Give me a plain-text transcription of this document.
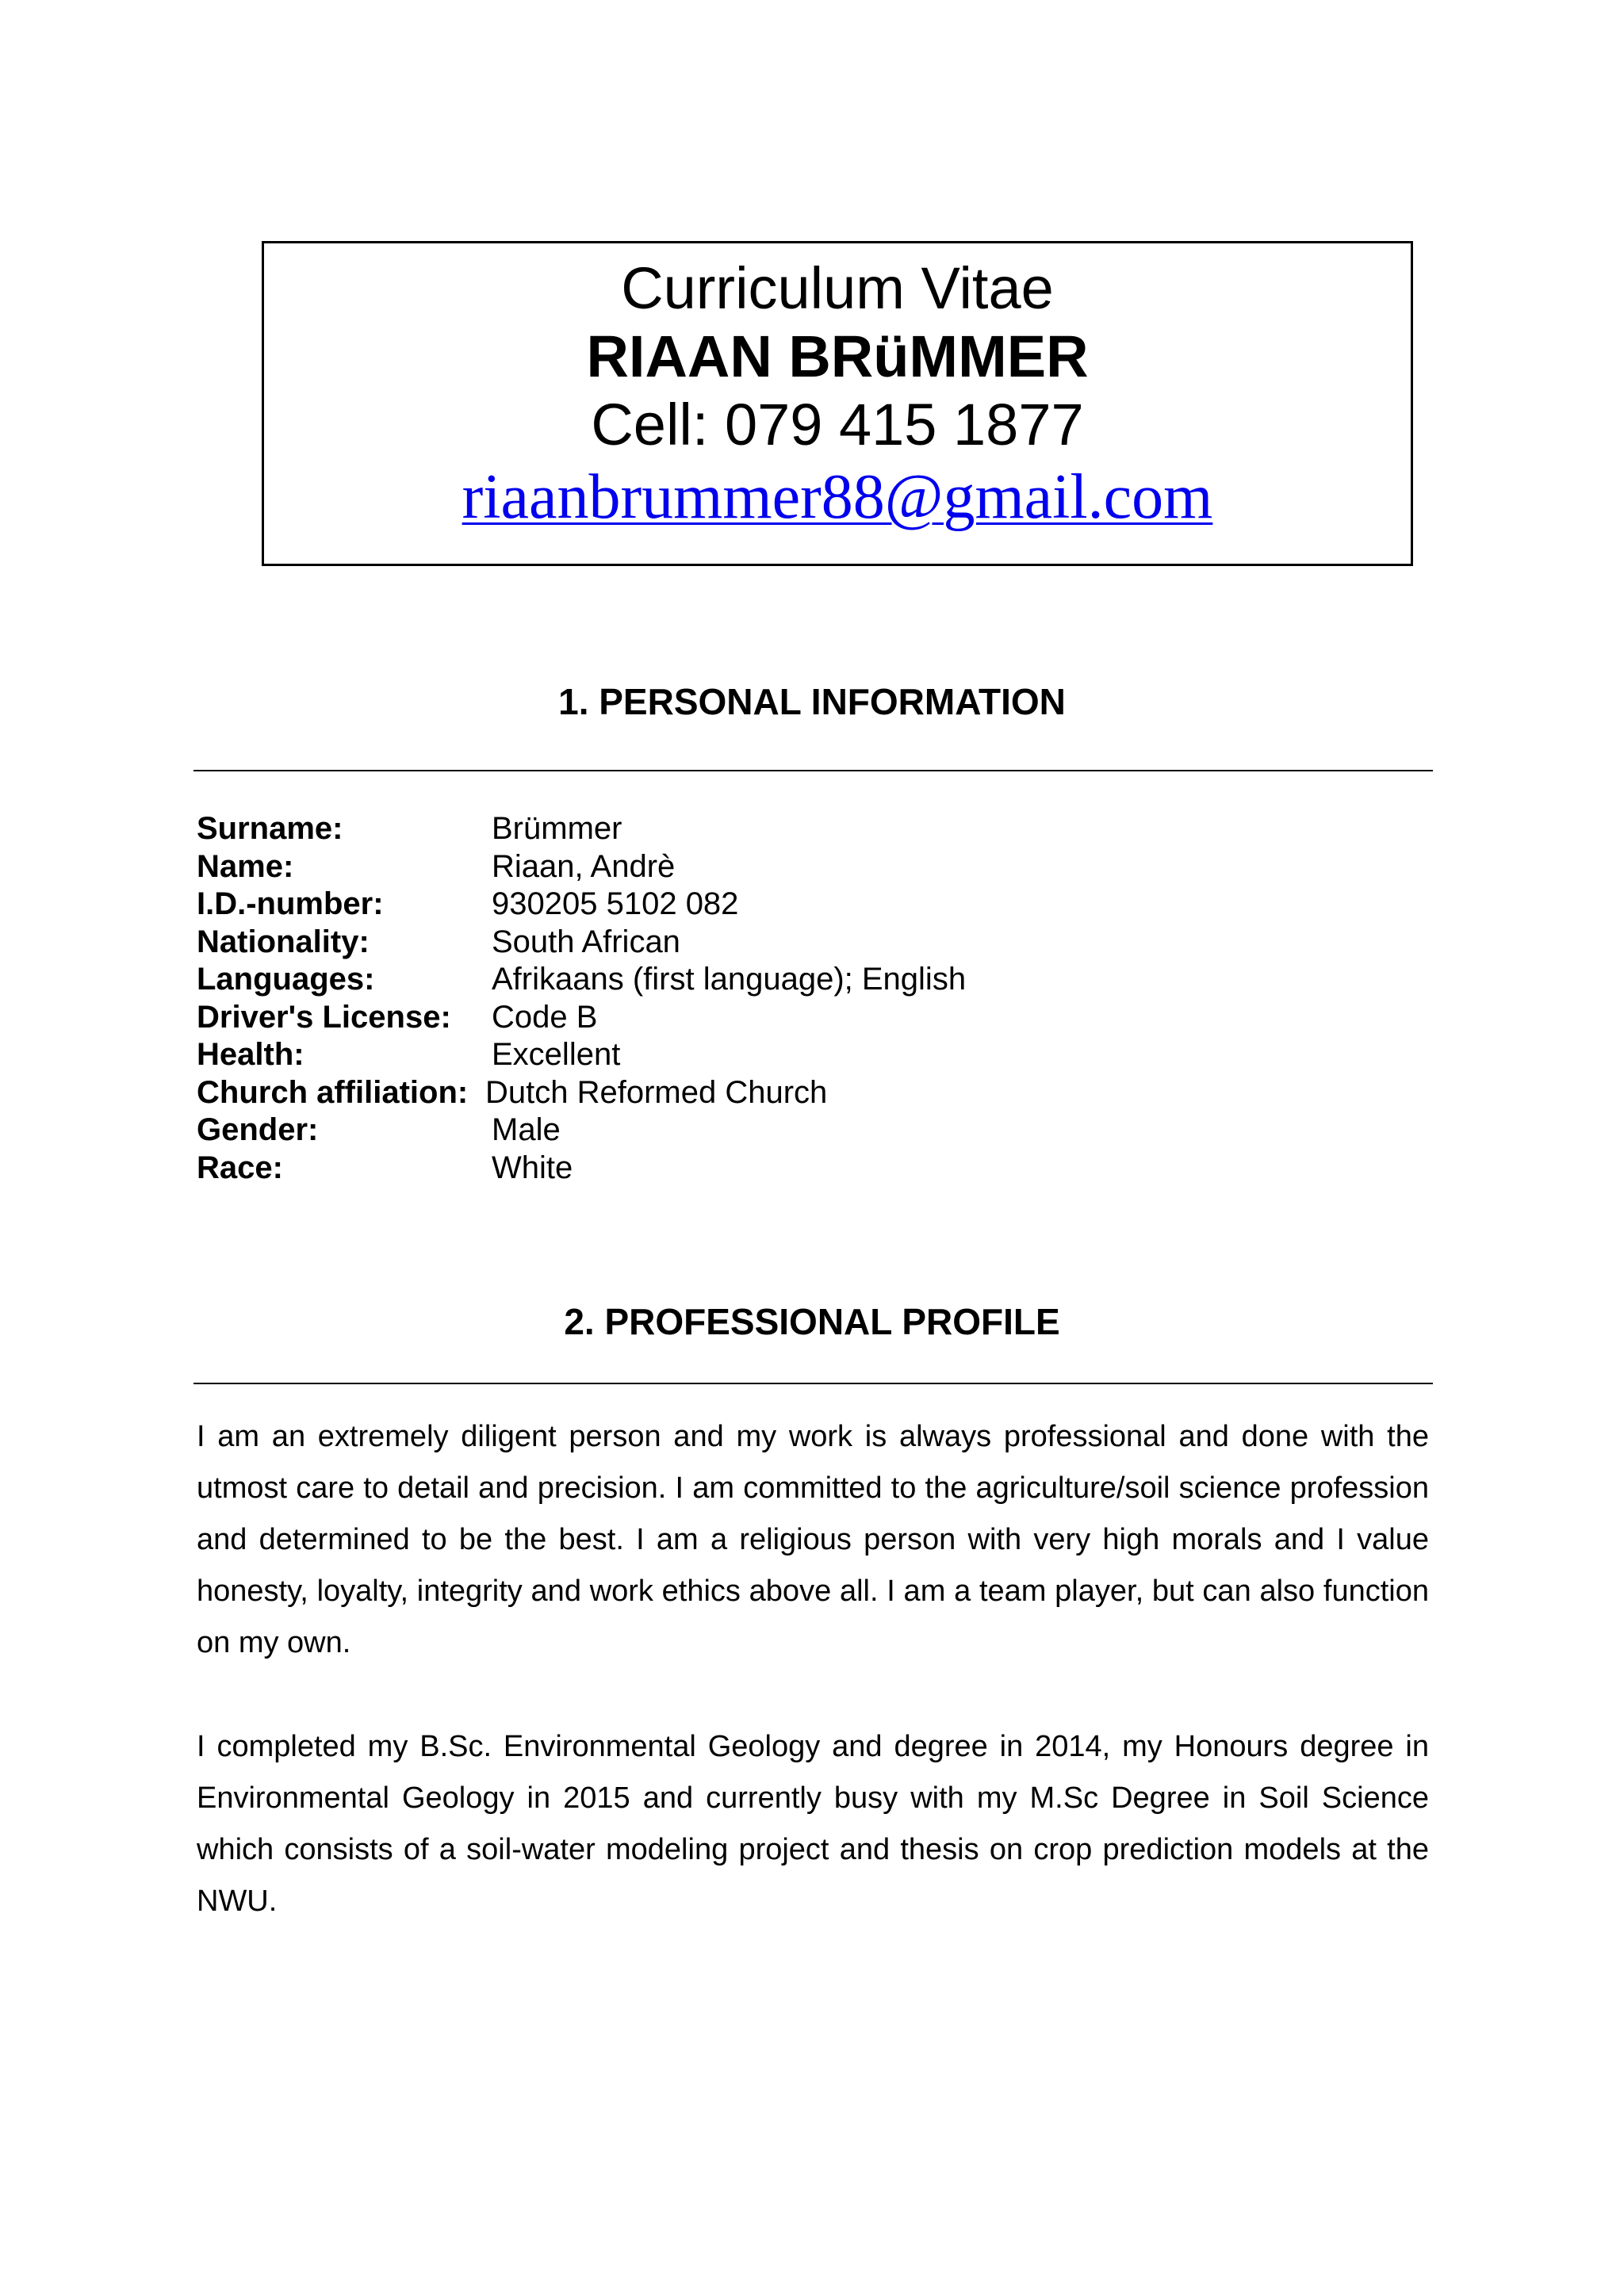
Curriculum Vitae
RIAAN BRüMMER
Cell: 079 415 1877
riaanbrummer88@gmail.com
1. PERSONAL INFORMATION
Surname:	Brümmer
Name:	Riaan, Andrè
I.D.-number:	930205 5102 082
Nationality:	South African
Languages:	Afrikaans (first language); English
Driver's License: Code B
Health:	Excellent
Church affiliation: Dutch Reformed Church
Gender:	Male
Race:	White
2. PROFESSIONAL PROFILE

I am an extremely diligent person and my work is always professional and done with the utmost care to detail and precision. I am committed to the agriculture/soil science profession and determined to be the best. I am a religious person with very high morals and I value honesty, loyalty, integrity and work ethics above all. I am a team player, but can also function on my own.

I completed my B.Sc. Environmental Geology and degree in 2014, my Honours degree in Environmental Geology in 2015 and currently busy with my M.Sc Degree in Soil Science which consists of a soil-water modeling project and thesis on crop prediction models at the NWU.
